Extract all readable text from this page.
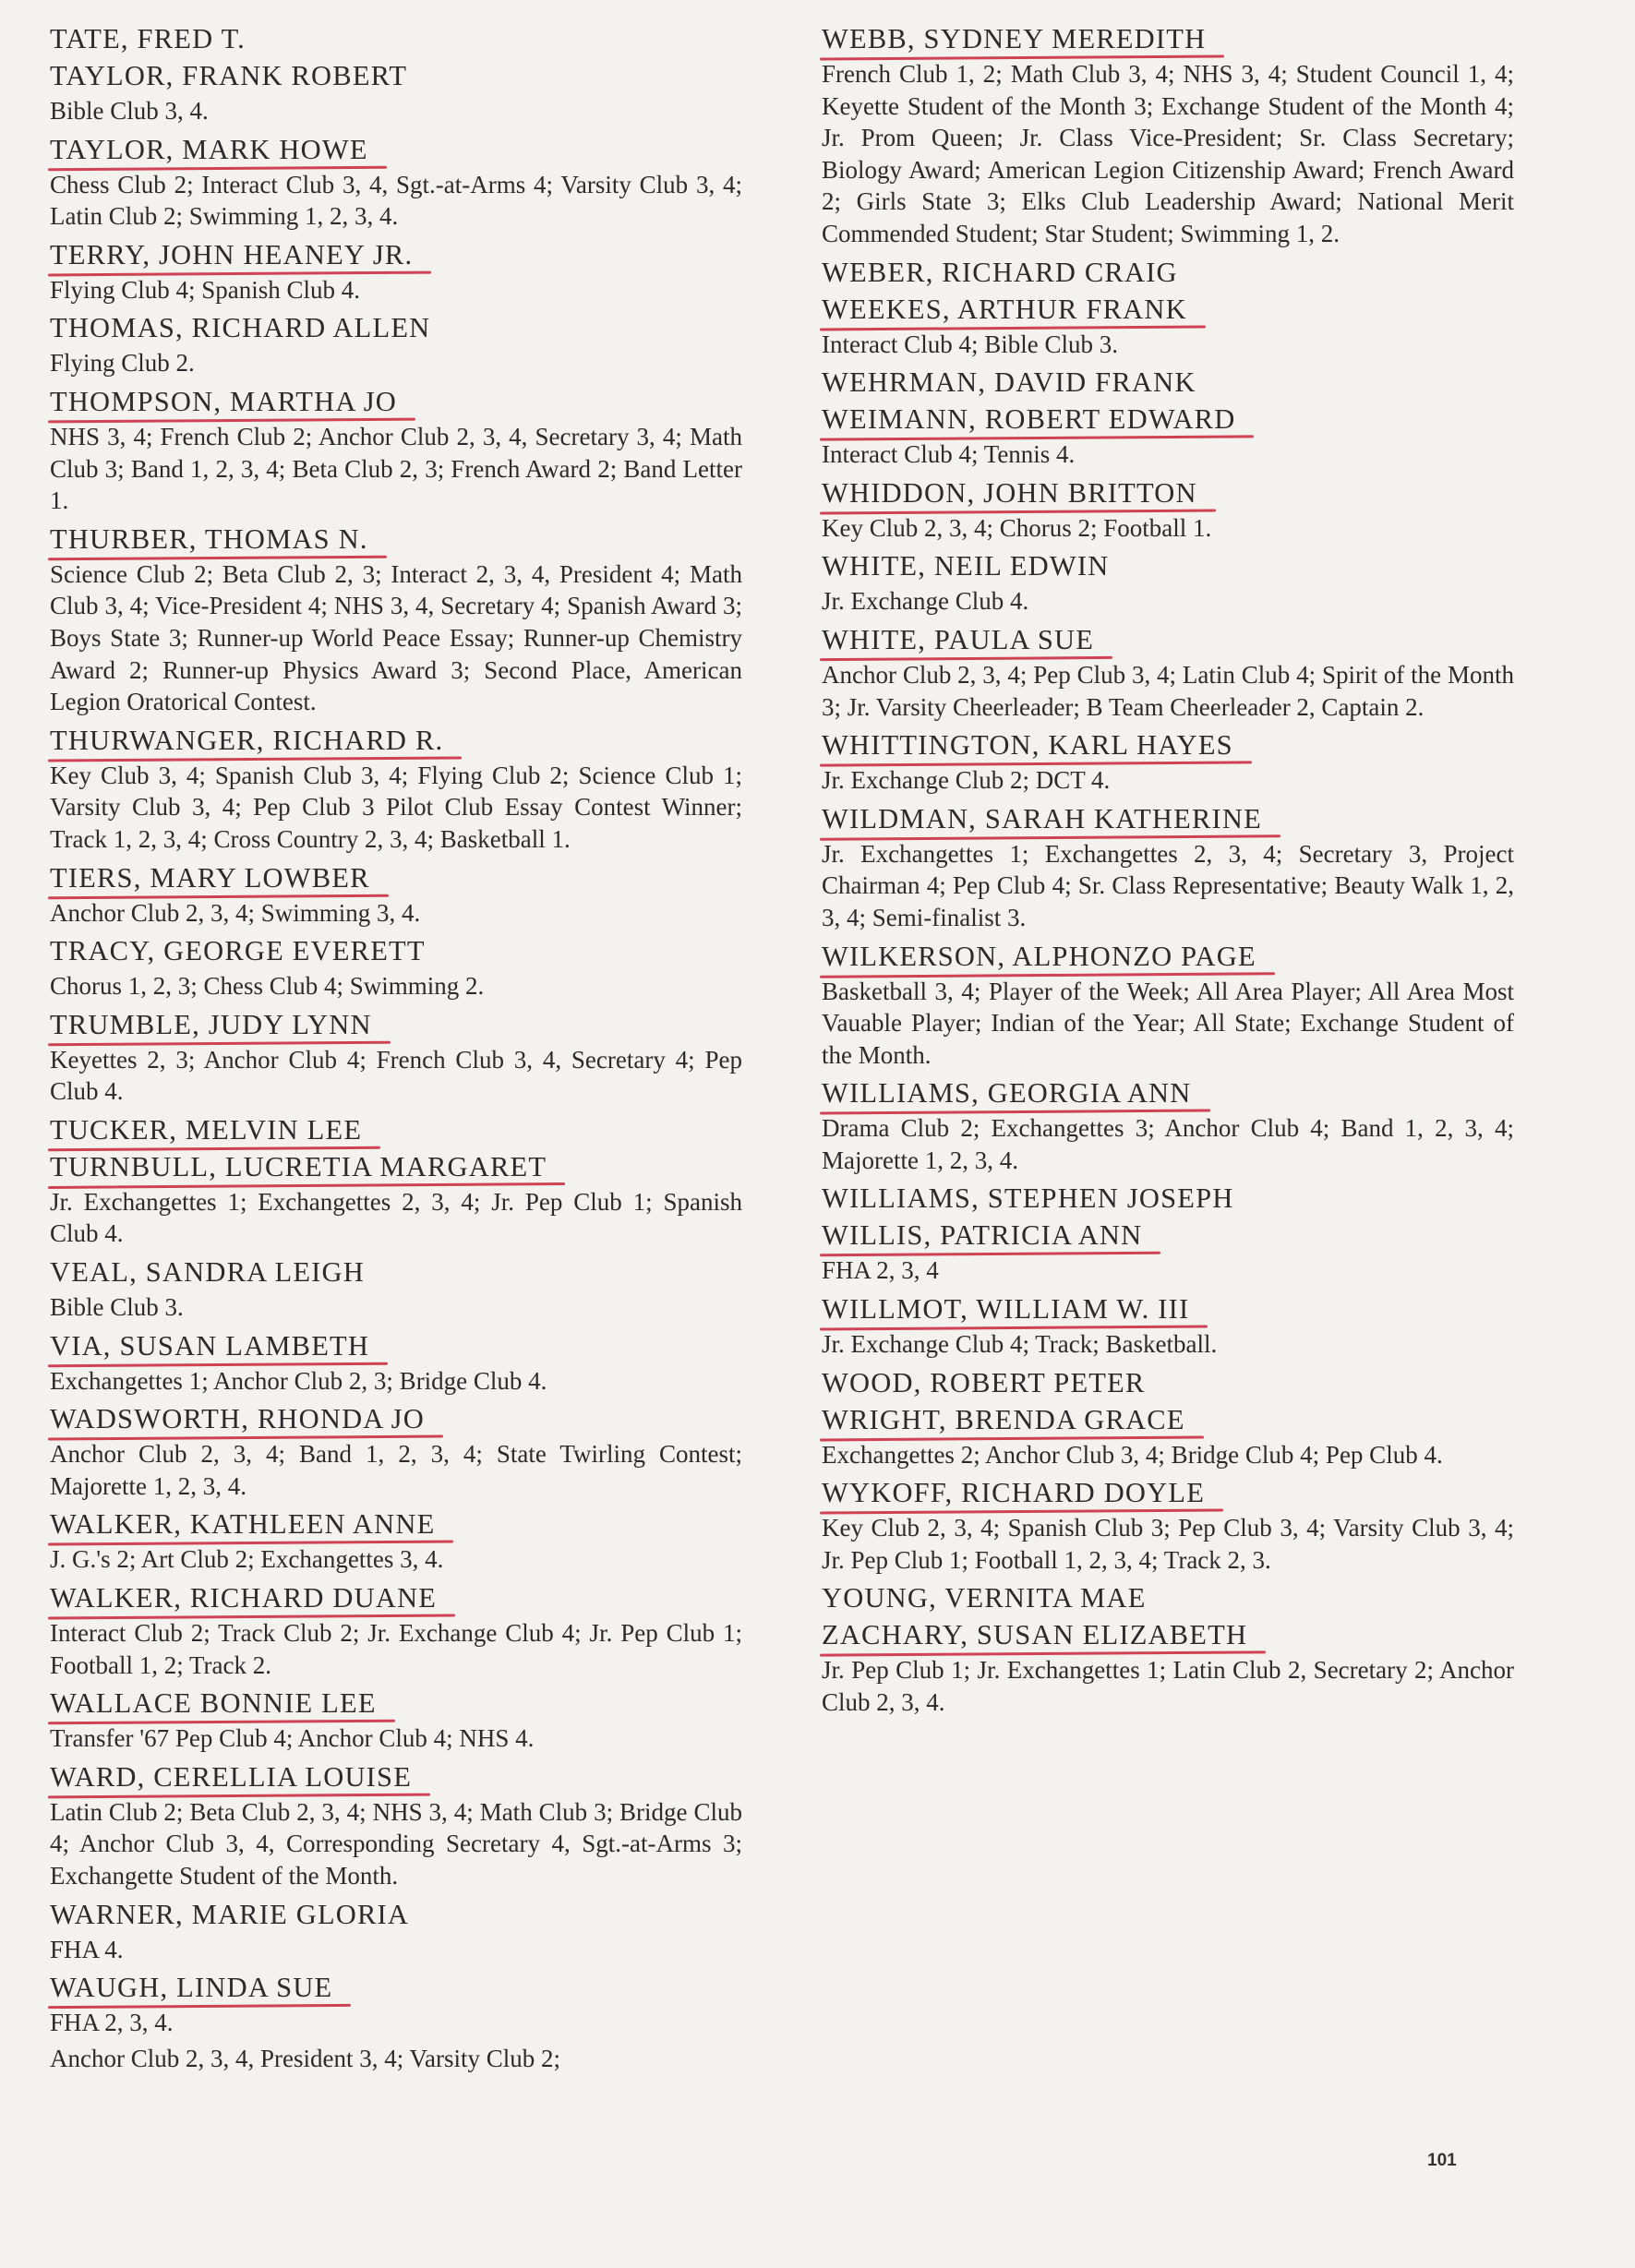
TATE, FRED T.
TAYLOR, FRANK ROBERT
Bible Club 3, 4.
TAYLOR, MARK HOWE
Chess Club 2; Interact Club 3, 4, Sgt.-at-Arms 4; Varsity Club 3, 4; Latin Club 2; Swimming 1, 2, 3, 4.
TERRY, JOHN HEANEY JR.
Flying Club 4; Spanish Club 4.
THOMAS, RICHARD ALLEN
Flying Club 2.
THOMPSON, MARTHA JO
NHS 3, 4; French Club 2; Anchor Club 2, 3, 4, Secretary 3, 4; Math Club 3; Band 1, 2, 3, 4; Beta Club 2, 3; French Award 2; Band Letter 1.
THURBER, THOMAS N.
Science Club 2; Beta Club 2, 3; Interact 2, 3, 4, President 4; Math Club 3, 4; Vice-President 4; NHS 3, 4, Secretary 4; Spanish Award 3; Boys State 3; Runner-up World Peace Essay; Runner-up Chemistry Award 2; Runner-up Physics Award 3; Second Place, American Legion Oratorical Contest.
THURWANGER, RICHARD R.
Key Club 3, 4; Spanish Club 3, 4; Flying Club 2; Science Club 1; Varsity Club 3, 4; Pep Club 3 Pilot Club Essay Contest Winner; Track 1, 2, 3, 4; Cross Country 2, 3, 4; Basketball 1.
TIERS, MARY LOWBER
Anchor Club 2, 3, 4; Swimming 3, 4.
TRACY, GEORGE EVERETT
Chorus 1, 2, 3; Chess Club 4; Swimming 2.
TRUMBLE, JUDY LYNN
Keyettes 2, 3; Anchor Club 4; French Club 3, 4, Secretary 4; Pep Club 4.
TUCKER, MELVIN LEE
TURNBULL, LUCRETIA MARGARET
Jr. Exchangettes 1; Exchangettes 2, 3, 4; Jr. Pep Club 1; Spanish Club 4.
VEAL, SANDRA LEIGH
Bible Club 3.
VIA, SUSAN LAMBETH
Exchangettes 1; Anchor Club 2, 3; Bridge Club 4.
WADSWORTH, RHONDA JO
Anchor Club 2, 3, 4; Band 1, 2, 3, 4; State Twirling Contest; Majorette 1, 2, 3, 4.
WALKER, KATHLEEN ANNE
J. G.'s 2; Art Club 2; Exchangettes 3, 4.
WALKER, RICHARD DUANE
Interact Club 2; Track Club 2; Jr. Exchange Club 4; Jr. Pep Club 1; Football 1, 2; Track 2.
WALLACE BONNIE LEE
Transfer '67 Pep Club 4; Anchor Club 4; NHS 4.
WARD, CERELLIA LOUISE
Latin Club 2; Beta Club 2, 3, 4; NHS 3, 4; Math Club 3; Bridge Club 4; Anchor Club 3, 4, Corresponding Secretary 4, Sgt.-at-Arms 3; Exchangette Student of the Month.
WARNER, MARIE GLORIA
FHA 4.
WAUGH, LINDA SUE
FHA 2, 3, 4.
Anchor Club 2, 3, 4, President 3, 4; Varsity Club 2;
WEBB, SYDNEY MEREDITH
French Club 1, 2; Math Club 3, 4; NHS 3, 4; Student Council 1, 4; Keyette Student of the Month 3; Exchange Student of the Month 4; Jr. Prom Queen; Jr. Class Vice-President; Sr. Class Secretary; Biology Award; American Legion Citizenship Award; French Award 2; Girls State 3; Elks Club Leadership Award; National Merit Commended Student; Star Student; Swimming 1, 2.
WEBER, RICHARD CRAIG
WEEKES, ARTHUR FRANK
Interact Club 4; Bible Club 3.
WEHRMAN, DAVID FRANK
WEIMANN, ROBERT EDWARD
Interact Club 4; Tennis 4.
WHIDDON, JOHN BRITTON
Key Club 2, 3, 4; Chorus 2; Football 1.
WHITE, NEIL EDWIN
Jr. Exchange Club 4.
WHITE, PAULA SUE
Anchor Club 2, 3, 4; Pep Club 3, 4; Latin Club 4; Spirit of the Month 3; Jr. Varsity Cheerleader; B Team Cheerleader 2, Captain 2.
WHITTINGTON, KARL HAYES
Jr. Exchange Club 2; DCT 4.
WILDMAN, SARAH KATHERINE
Jr. Exchangettes 1; Exchangettes 2, 3, 4; Secretary 3, Project Chairman 4; Pep Club 4; Sr. Class Representative; Beauty Walk 1, 2, 3, 4; Semi-finalist 3.
WILKERSON, ALPHONZO PAGE
Basketball 3, 4; Player of the Week; All Area Player; All Area Most Vauable Player; Indian of the Year; All State; Exchange Student of the Month.
WILLIAMS, GEORGIA ANN
Drama Club 2; Exchangettes 3; Anchor Club 4; Band 1, 2, 3, 4; Majorette 1, 2, 3, 4.
WILLIAMS, STEPHEN JOSEPH
WILLIS, PATRICIA ANN
FHA 2, 3, 4
WILLMOT, WILLIAM W. III
Jr. Exchange Club 4; Track; Basketball.
WOOD, ROBERT PETER
WRIGHT, BRENDA GRACE
Exchangettes 2; Anchor Club 3, 4; Bridge Club 4; Pep Club 4.
WYKOFF, RICHARD DOYLE
Key Club 2, 3, 4; Spanish Club 3; Pep Club 3, 4; Varsity Club 3, 4; Jr. Pep Club 1; Football 1, 2, 3, 4; Track 2, 3.
YOUNG, VERNITA MAE
ZACHARY, SUSAN ELIZABETH
Jr. Pep Club 1; Jr. Exchangettes 1; Latin Club 2, Secretary 2; Anchor Club 2, 3, 4.
101
